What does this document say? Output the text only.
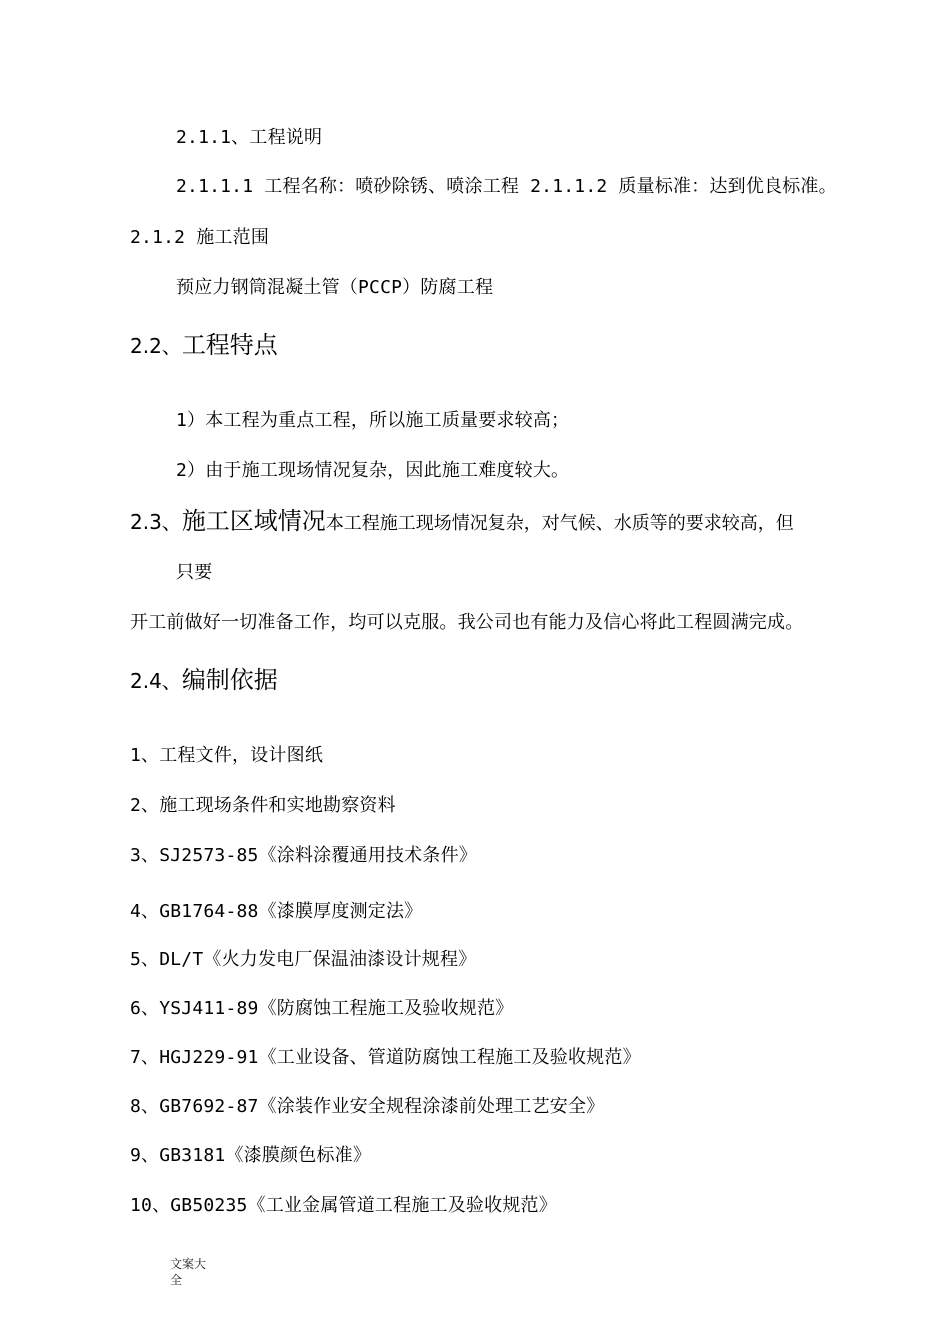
2.1.1、工程说明
2.1.1.1 工程名称：喷砂除锈、喷涂工程 2.1.1.2 质量标准：达到优良标准。
2.1.2 施工范围
预应力钢筒混凝土管（PCCP）防腐工程
2.2、工程特点
1）本工程为重点工程，所以施工质量要求较高；
2）由于施工现场情况复杂，因此施工难度较大。
2.3、施工区域情况本工程施工现场情况复杂，对气候、水质等的要求较高，但
只要
开工前做好一切准备工作，均可以克服。我公司也有能力及信心将此工程圆满完成。
2.4、编制依据
1、工程文件，设计图纸
2、施工现场条件和实地勘察资料
3、SJ2573-85《涂料涂覆通用技术条件》
4、GB1764-88《漆膜厚度测定法》
5、DL/T《火力发电厂保温油漆设计规程》
6、YSJ411-89《防腐蚀工程施工及验收规范》
7、HGJ229-91《工业设备、管道防腐蚀工程施工及验收规范》
8、GB7692-87《涂装作业安全规程涂漆前处理工艺安全》
9、GB3181《漆膜颜色标准》
10、GB50235《工业金属管道工程施工及验收规范》
文案大全
